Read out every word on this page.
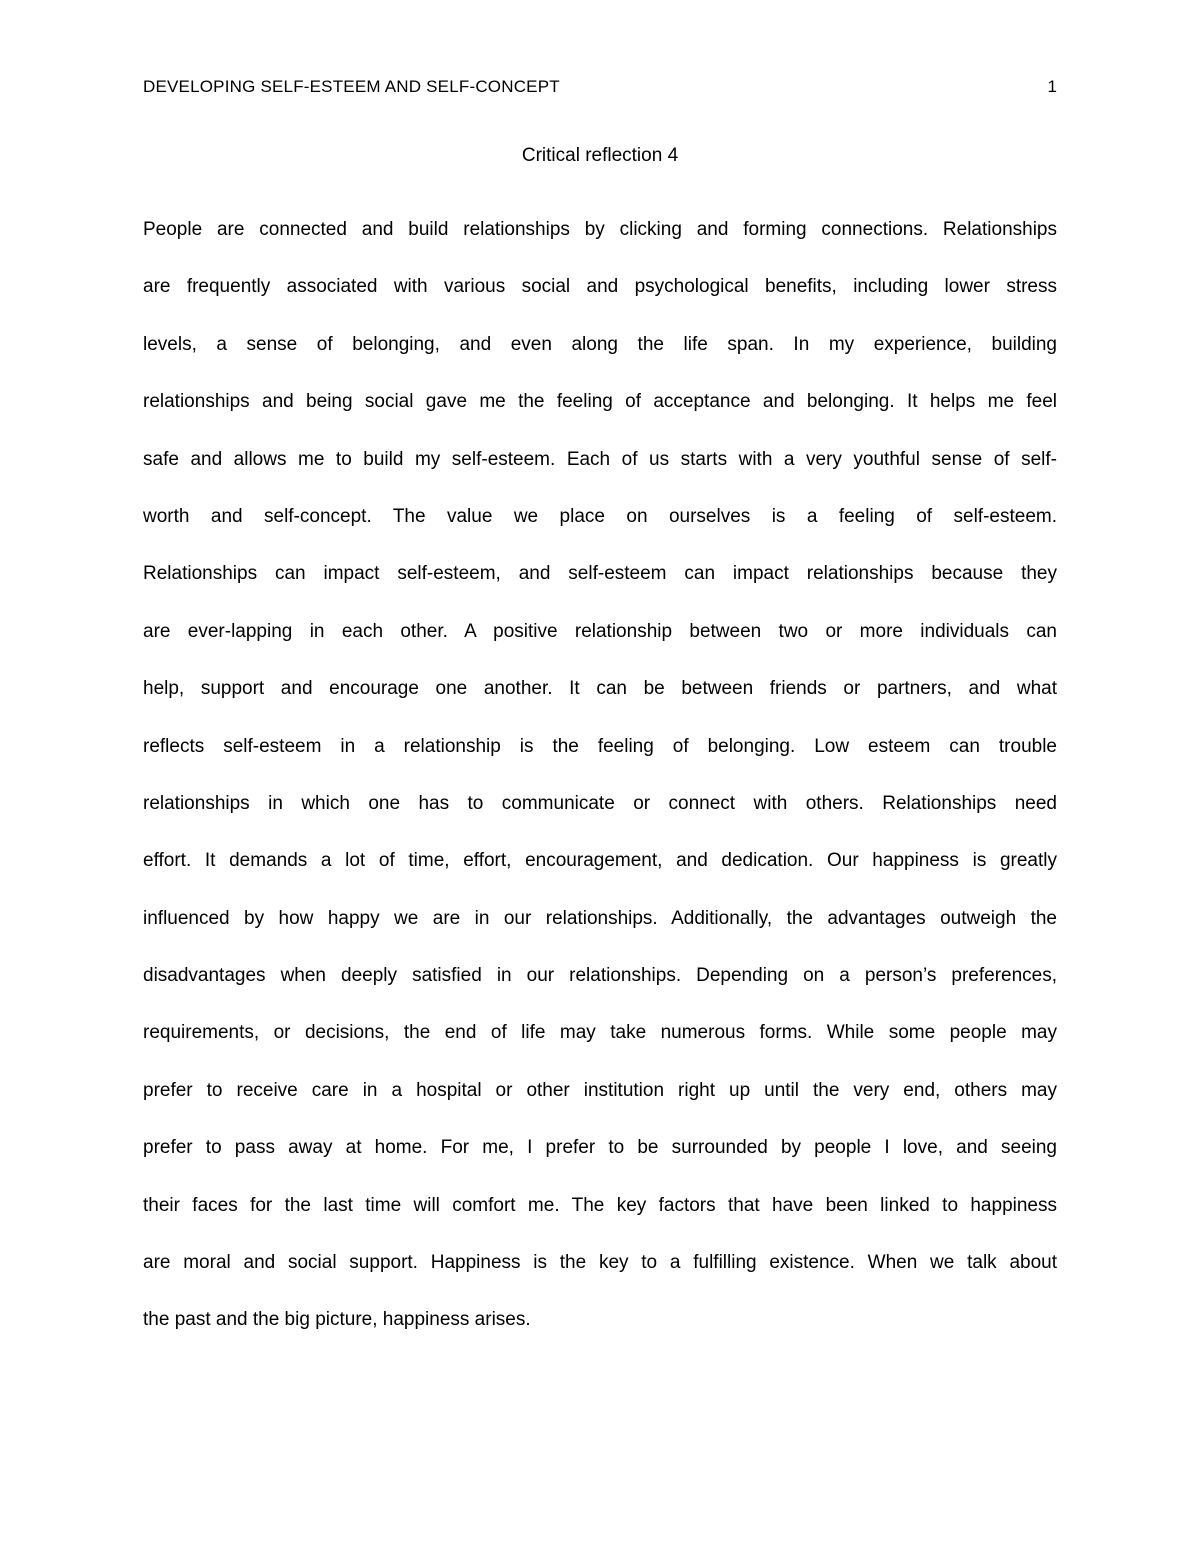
DEVELOPING SELF-ESTEEM AND SELF-CONCEPT	1
Critical reflection 4
People are connected and build relationships by clicking and forming connections. Relationships
are frequently associated with various social and psychological benefits, including lower stress
levels, a sense of belonging, and even along the life span. In my experience, building
relationships and being social gave me the feeling of acceptance and belonging. It helps me feel
safe and allows me to build my self-esteem. Each of us starts with a very youthful sense of self-
worth and self-concept. The value we place on ourselves is a feeling of self-esteem.
Relationships can impact self-esteem, and self-esteem can impact relationships because they
are ever-lapping in each other. A positive relationship between two or more individuals can
help, support and encourage one another. It can be between friends or partners, and what
reflects self-esteem in a relationship is the feeling of belonging. Low esteem can trouble
relationships in which one has to communicate or connect with others. Relationships need
effort. It demands a lot of time, effort, encouragement, and dedication. Our happiness is greatly
influenced by how happy we are in our relationships. Additionally, the advantages outweigh the
disadvantages when deeply satisfied in our relationships. Depending on a person’s preferences,
requirements, or decisions, the end of life may take numerous forms. While some people may
prefer to receive care in a hospital or other institution right up until the very end, others may
prefer to pass away at home. For me, I prefer to be surrounded by people I love, and seeing
their faces for the last time will comfort me. The key factors that have been linked to happiness
are moral and social support. Happiness is the key to a fulfilling existence. When we talk about
the past and the big picture, happiness arises.
